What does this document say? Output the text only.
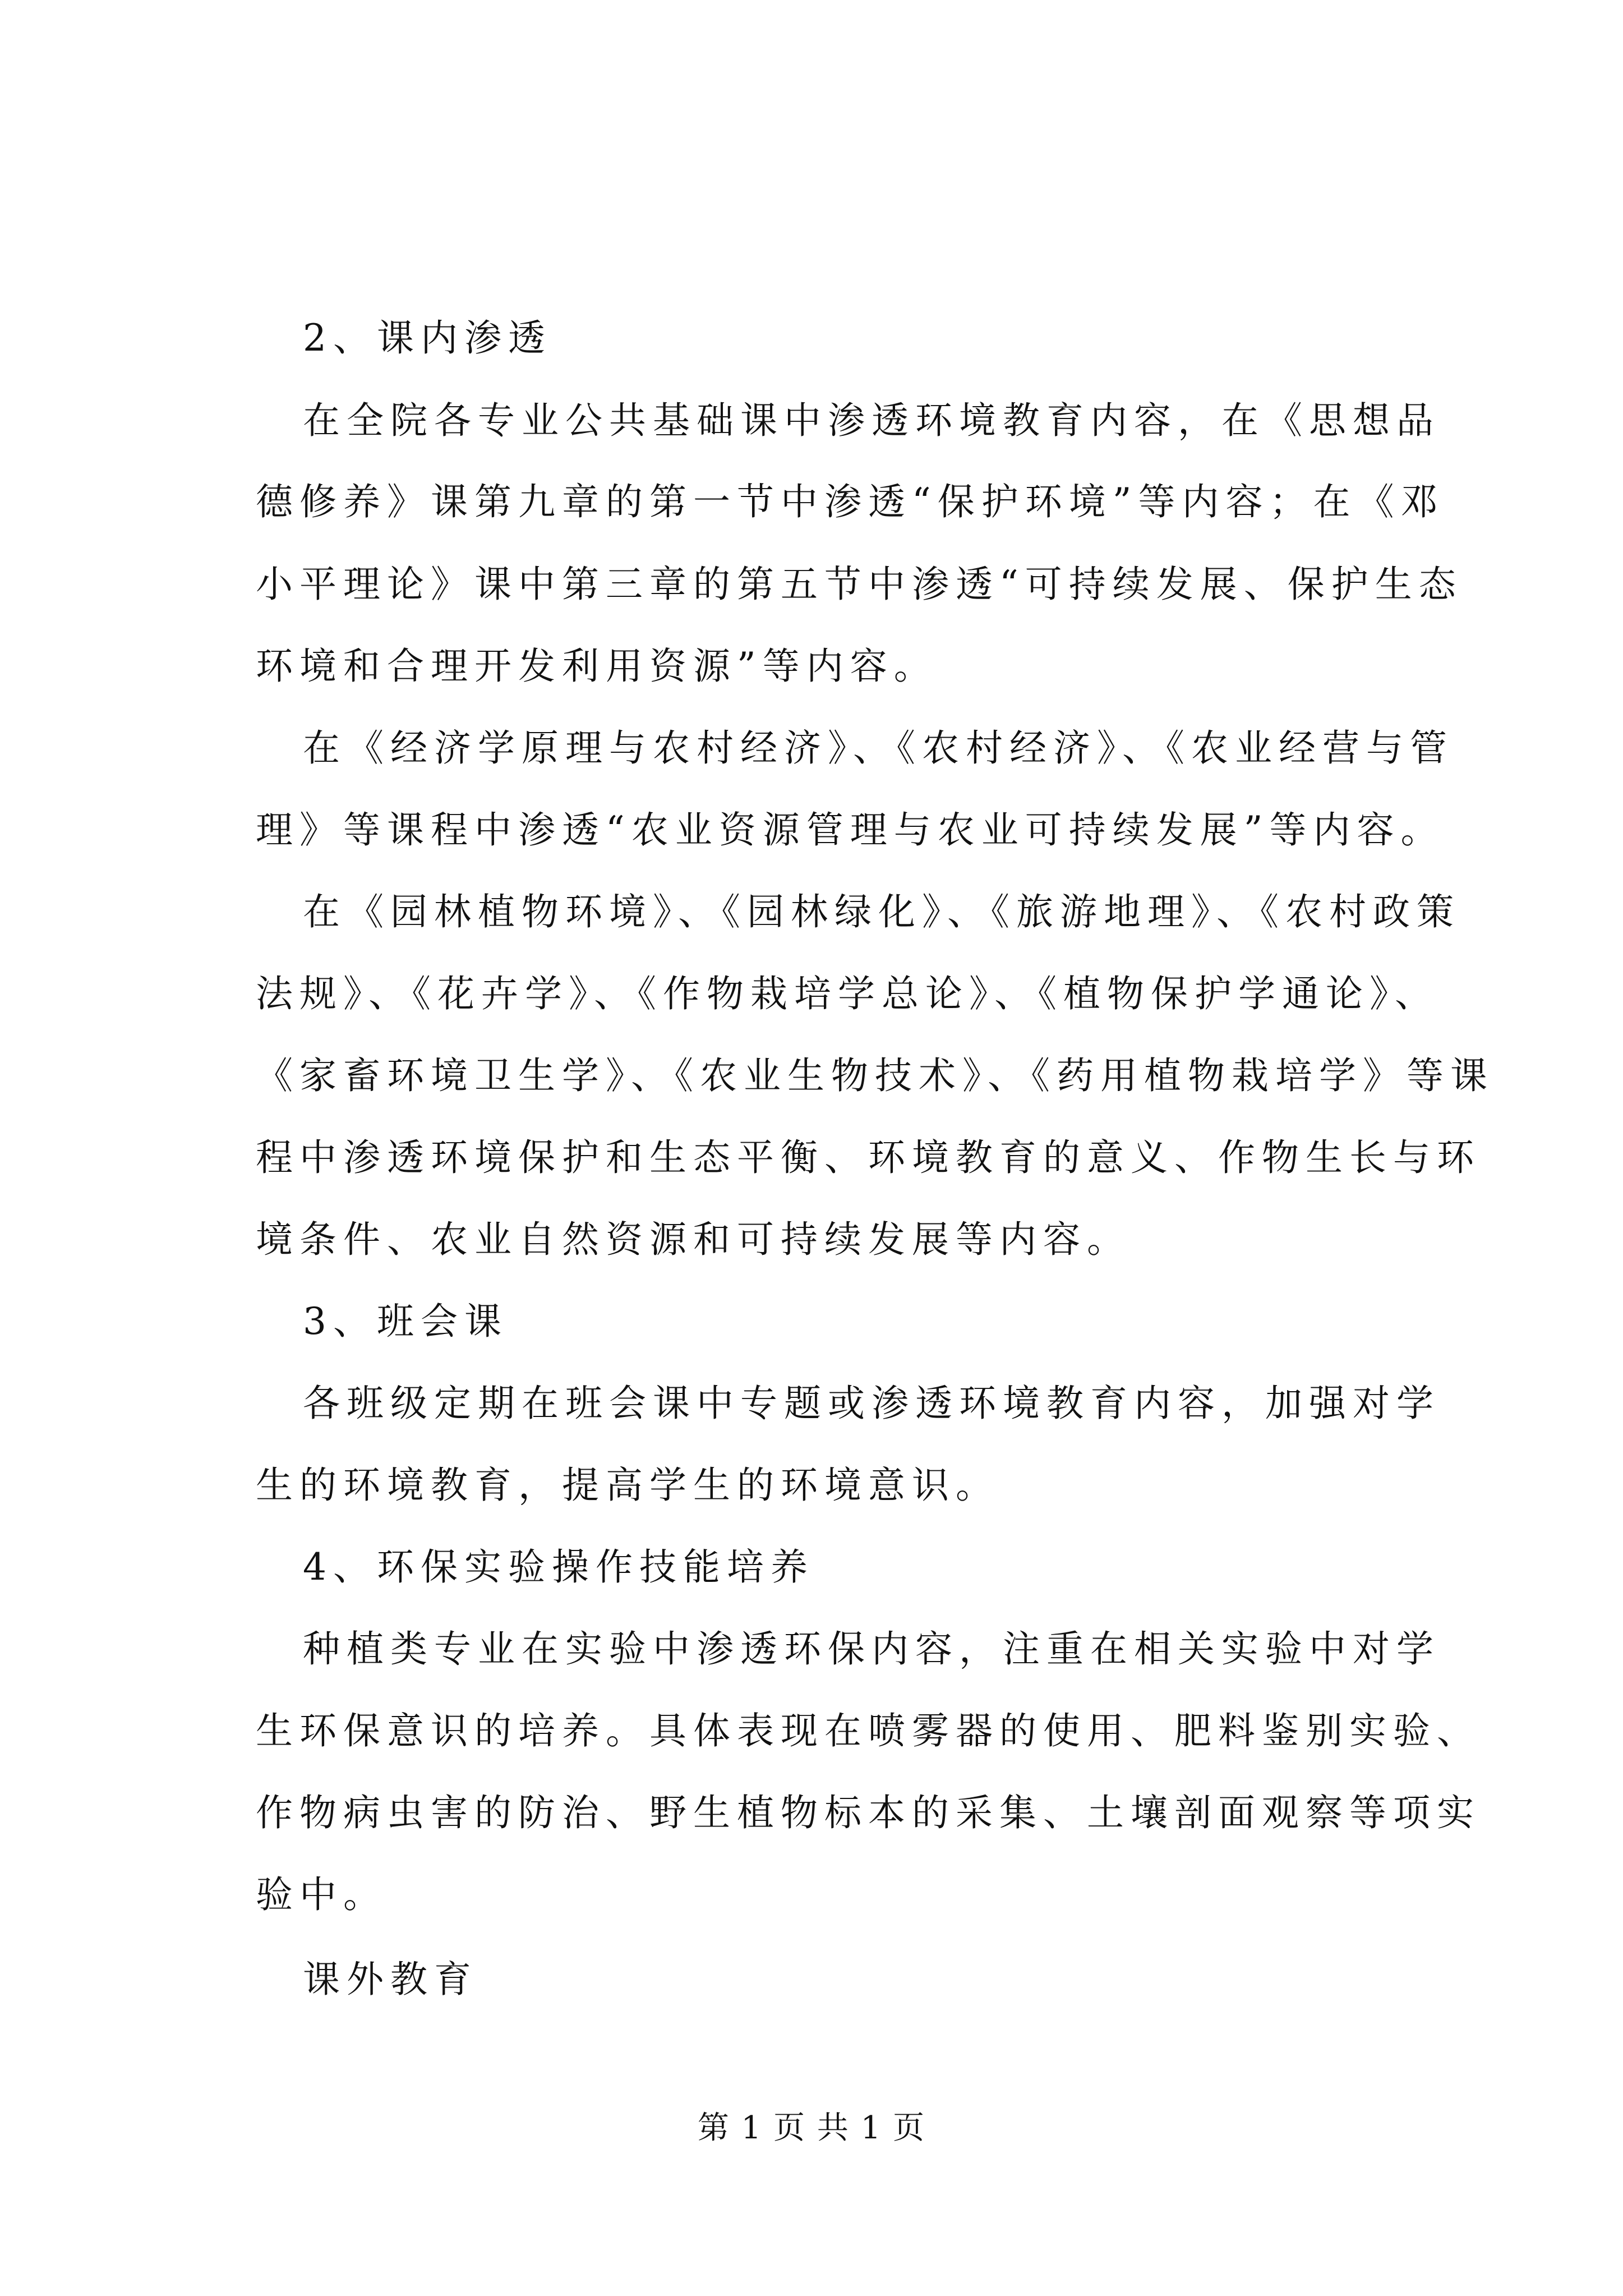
2、课内渗透
在全院各专业公共基础课中渗透环境教育内容，在《思想品
德修养》课第九章的第一节中渗透“保护环境”等内容；在《邓
小平理论》课中第三章的第五节中渗透“可持续发展、保护生态
环境和合理开发利用资源”等内容。
在《经济学原理与农村经济》、《农村经济》、《农业经营与管
理》等课程中渗透“农业资源管理与农业可持续发展”等内容。
在《园林植物环境》、《园林绿化》、《旅游地理》、《农村政策
法规》、《花卉学》、《作物栽培学总论》、《植物保护学通论》、
《家畜环境卫生学》、《农业生物技术》、《药用植物栽培学》等课
程中渗透环境保护和生态平衡、环境教育的意义、作物生长与环
境条件、农业自然资源和可持续发展等内容。
3、班会课
各班级定期在班会课中专题或渗透环境教育内容，加强对学
生的环境教育，提高学生的环境意识。
4、环保实验操作技能培养
种植类专业在实验中渗透环保内容，注重在相关实验中对学
生环保意识的培养。具体表现在喷雾器的使用、肥料鉴别实验、
作物病虫害的防治、野生植物标本的采集、土壤剖面观察等项实
验中。
课外教育
第 1 页 共 1 页
